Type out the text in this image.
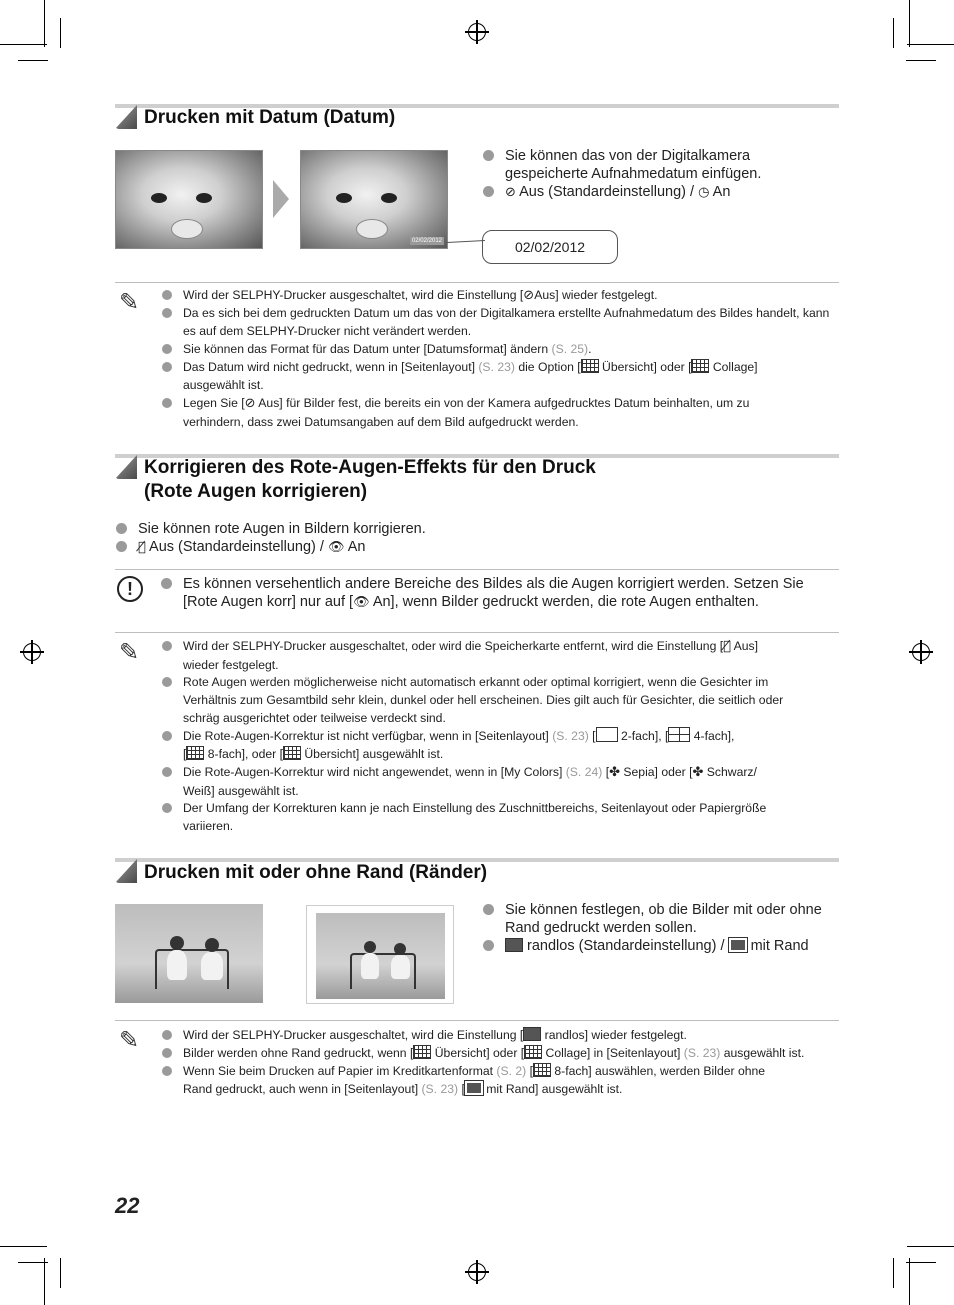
Drucken mit Datum (Datum)
02/02/2012	02/02/2012
Sie können das von der Digitalkamera gespeicherte Aufnahmedatum einfügen.
⊘ Aus (Standardeinstellung) / ◷ An
✎	Wird der SELPHY-Drucker ausgeschaltet, wird die Einstellung [⊘Aus] wieder festgelegt.
Da es sich bei dem gedruckten Datum um das von der Digitalkamera erstellte Aufnahmedatum des Bildes handelt, kann es auf dem SELPHY-Drucker nicht verändert werden.
Sie können das Format für das Datum unter [Datumsformat] ändern (S. 25).
Das Datum wird nicht gedruckt, wenn in [Seitenlayout] (S. 23) die Option [ Übersicht] oder [ Collage]
ausgewählt ist.
Legen Sie [⊘ Aus] für Bilder fest, die bereits ein von der Kamera aufgedrucktes Datum beinhalten, um zu
verhindern, dass zwei Datumsangaben auf dem Bild aufgedruckt werden.
Korrigieren des Rote-Augen-Effekts für den Druck
(Rote Augen korrigieren)
Sie können rote Augen in Bildern korrigieren.
👁̸ Aus (Standardeinstellung) / 👁 An
!	Es können versehentlich andere Bereiche des Bildes als die Augen korrigiert werden. Setzen Sie
[Rote Augen korr] nur auf [👁 An], wenn Bilder gedruckt werden, die rote Augen enthalten.
✎	Wird der SELPHY-Drucker ausgeschaltet, oder wird die Speicherkarte entfernt, wird die Einstellung [👁̸ Aus]
wieder festgelegt.
Rote Augen werden möglicherweise nicht automatisch erkannt oder optimal korrigiert, wenn die Gesichter im
Verhältnis zum Gesamtbild sehr klein, dunkel oder hell erscheinen. Dies gilt auch für Gesichter, die seitlich oder
schräg ausgerichtet oder teilweise verdeckt sind.
Die Rote-Augen-Korrektur ist nicht verfügbar, wenn in [Seitenlayout] (S. 23) [ 2-fach], [ 4-fach],
[ 8-fach], oder [ Übersicht] ausgewählt ist.
Die Rote-Augen-Korrektur wird nicht angewendet, wenn in [My Colors] (S. 24) [✤ Sepia] oder [✤ Schwarz/
Weiß] ausgewählt ist.
Der Umfang der Korrekturen kann je nach Einstellung des Zuschnittbereichs, Seitenlayout oder Papiergröße
variieren.
Drucken mit oder ohne Rand (Ränder)
Sie können festlegen, ob die Bilder mit oder ohne Rand gedruckt werden sollen.
randlos (Standardeinstellung) /  mit Rand
✎	Wird der SELPHY-Drucker ausgeschaltet, wird die Einstellung [ randlos] wieder festgelegt.
Bilder werden ohne Rand gedruckt, wenn [ Übersicht] oder [ Collage] in [Seitenlayout] (S. 23) ausgewählt ist.
Wenn Sie beim Drucken auf Papier im Kreditkartenformat (S. 2) [ 8-fach] auswählen, werden Bilder ohne
Rand gedruckt, auch wenn in [Seitenlayout] (S. 23) [ mit Rand] ausgewählt ist.
22
